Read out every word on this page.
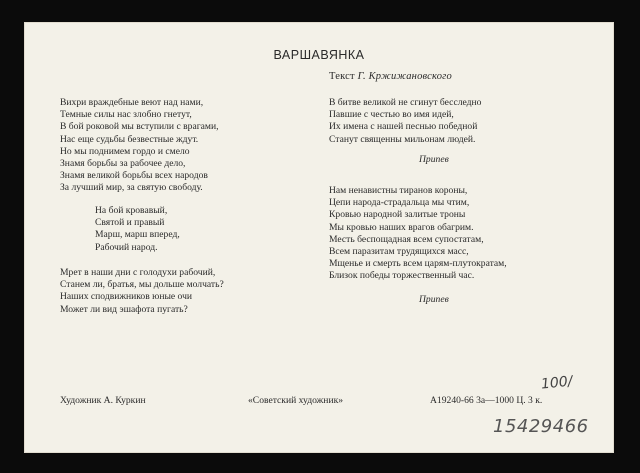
ВАРШАВЯНКА
Текст Г. Кржижановского
Вихри враждебные веют над нами,
Темные силы нас злобно гнетут,
В бой роковой мы вступили с врагами,
Нас еще судьбы безвестные ждут.
Но мы поднимем гордо и смело
Знамя борьбы за рабочее дело,
Знамя великой борьбы всех народов
За лучший мир, за святую свободу.
На бой кровавый,
Святой и правый
Марш, марш вперед,
Рабочий народ.
Мрет в наши дни с голодухи рабочий,
Станем ли, братья, мы дольше молчать?
Наших сподвижников юные очи
Может ли вид эшафота пугать?
В битве великой не сгинут бесследно
Павшие с честью во имя идей,
Их имена с нашей песнью победной
Станут священны мильонам людей.
Припев
Нам ненавистны тиранов короны,
Цепи народа-страдальца мы чтим,
Кровью народной залитые троны
Мы кровью наших врагов обагрим.
Месть беспощадная всем супостатам,
Всем паразитам трудящихся масс,
Мщенье и смерть всем царям-плутократам,
Близок победы торжественный час.
Припев
Художник А. Куркин	«Советский художник»	А19240-66 3а—1000 Ц. 3 к.
100/
15429466
